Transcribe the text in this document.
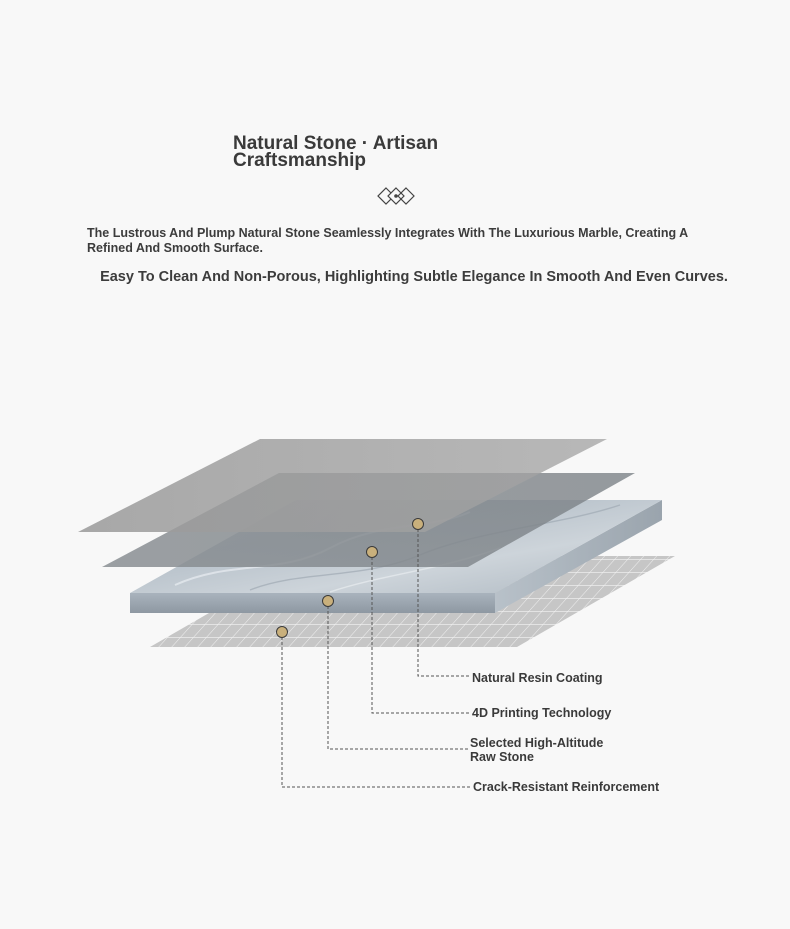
Natural Stone · Artisan Craftsmanship

The Lustrous And Plump Natural Stone Seamlessly Integrates With The Luxurious Marble, Creating A Refined And Smooth Surface.

Easy To Clean And Non-Porous, Highlighting Subtle Elegance In Smooth And Even Curves.

Natural Resin Coating

4D Printing Technology

Selected High-Altitude Raw Stone

Crack-Resistant Reinforcement
